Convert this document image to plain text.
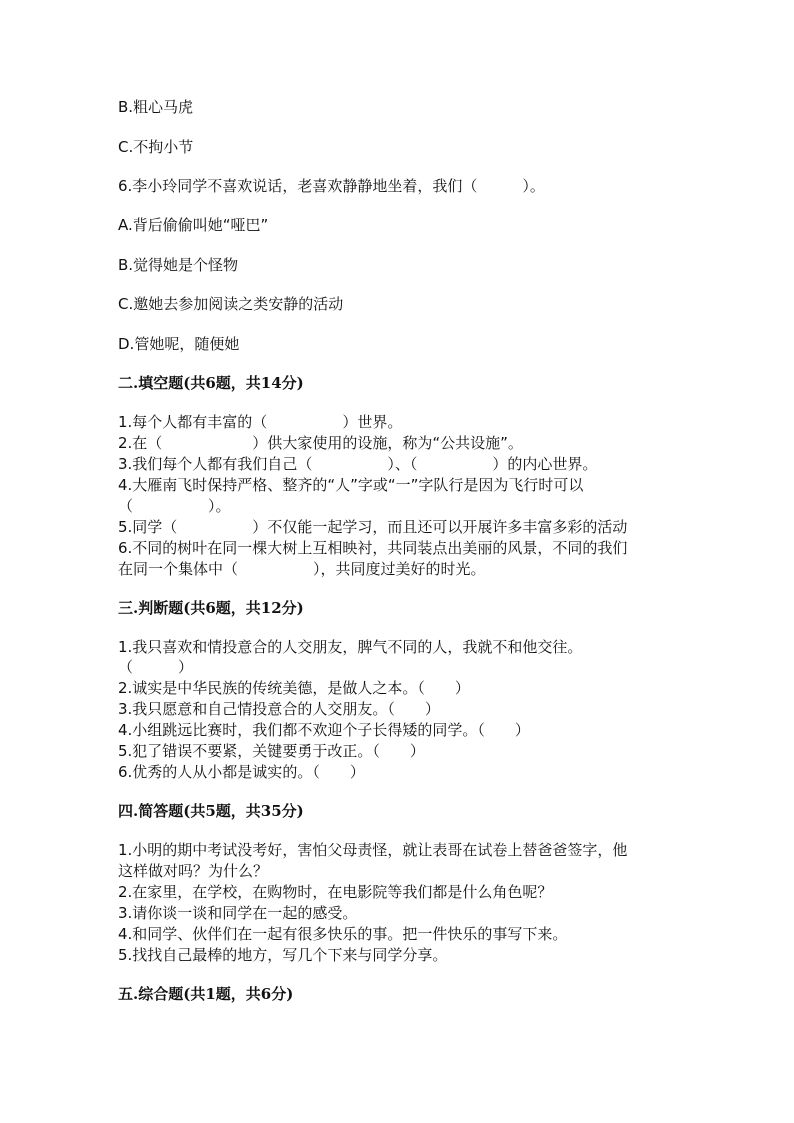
B.粗心马虎
C.不拘小节
6.李小玲同学不喜欢说话，老喜欢静静地坐着，我们（　　　）。
A.背后偷偷叫她“哑巴”
B.觉得她是个怪物
C.邀她去参加阅读之类安静的活动
D.管她呢，随便她
二.填空题(共6题，共14分)
1.每个人都有丰富的（　　　　　）世界。
2.在（　　　　　　）供大家使用的设施，称为“公共设施”。
3.我们每个人都有我们自己（　　　　　）、（　　　　　）的内心世界。
4.大雁南飞时保持严格、整齐的“人”字或“一”字队行是因为飞行时可以
（　　　　　）。
5.同学（　　　　　）不仅能一起学习，而且还可以开展许多丰富多彩的活动
6.不同的树叶在同一棵大树上互相映衬，共同装点出美丽的风景，不同的我们
在同一个集体中（　　　　　），共同度过美好的时光。
三.判断题(共6题，共12分)
1.我只喜欢和情投意合的人交朋友，脾气不同的人，我就不和他交往。
（　　　）
2.诚实是中华民族的传统美德，是做人之本。（　　）
3.我只愿意和自己情投意合的人交朋友。（　　）
4.小组跳远比赛时，我们都不欢迎个子长得矮的同学。（　　）
5.犯了错误不要紧，关键要勇于改正。（　　）
6.优秀的人从小都是诚实的。（　　）
四.简答题(共5题，共35分)
1.小明的期中考试没考好，害怕父母责怪，就让表哥在试卷上替爸爸签字，他
这样做对吗？为什么？
2.在家里，在学校，在购物时，在电影院等我们都是什么角色呢？
3.请你谈一谈和同学在一起的感受。
4.和同学、伙伴们在一起有很多快乐的事。把一件快乐的事写下来。
5.找找自己最棒的地方，写几个下来与同学分享。
五.综合题(共1题，共6分)
